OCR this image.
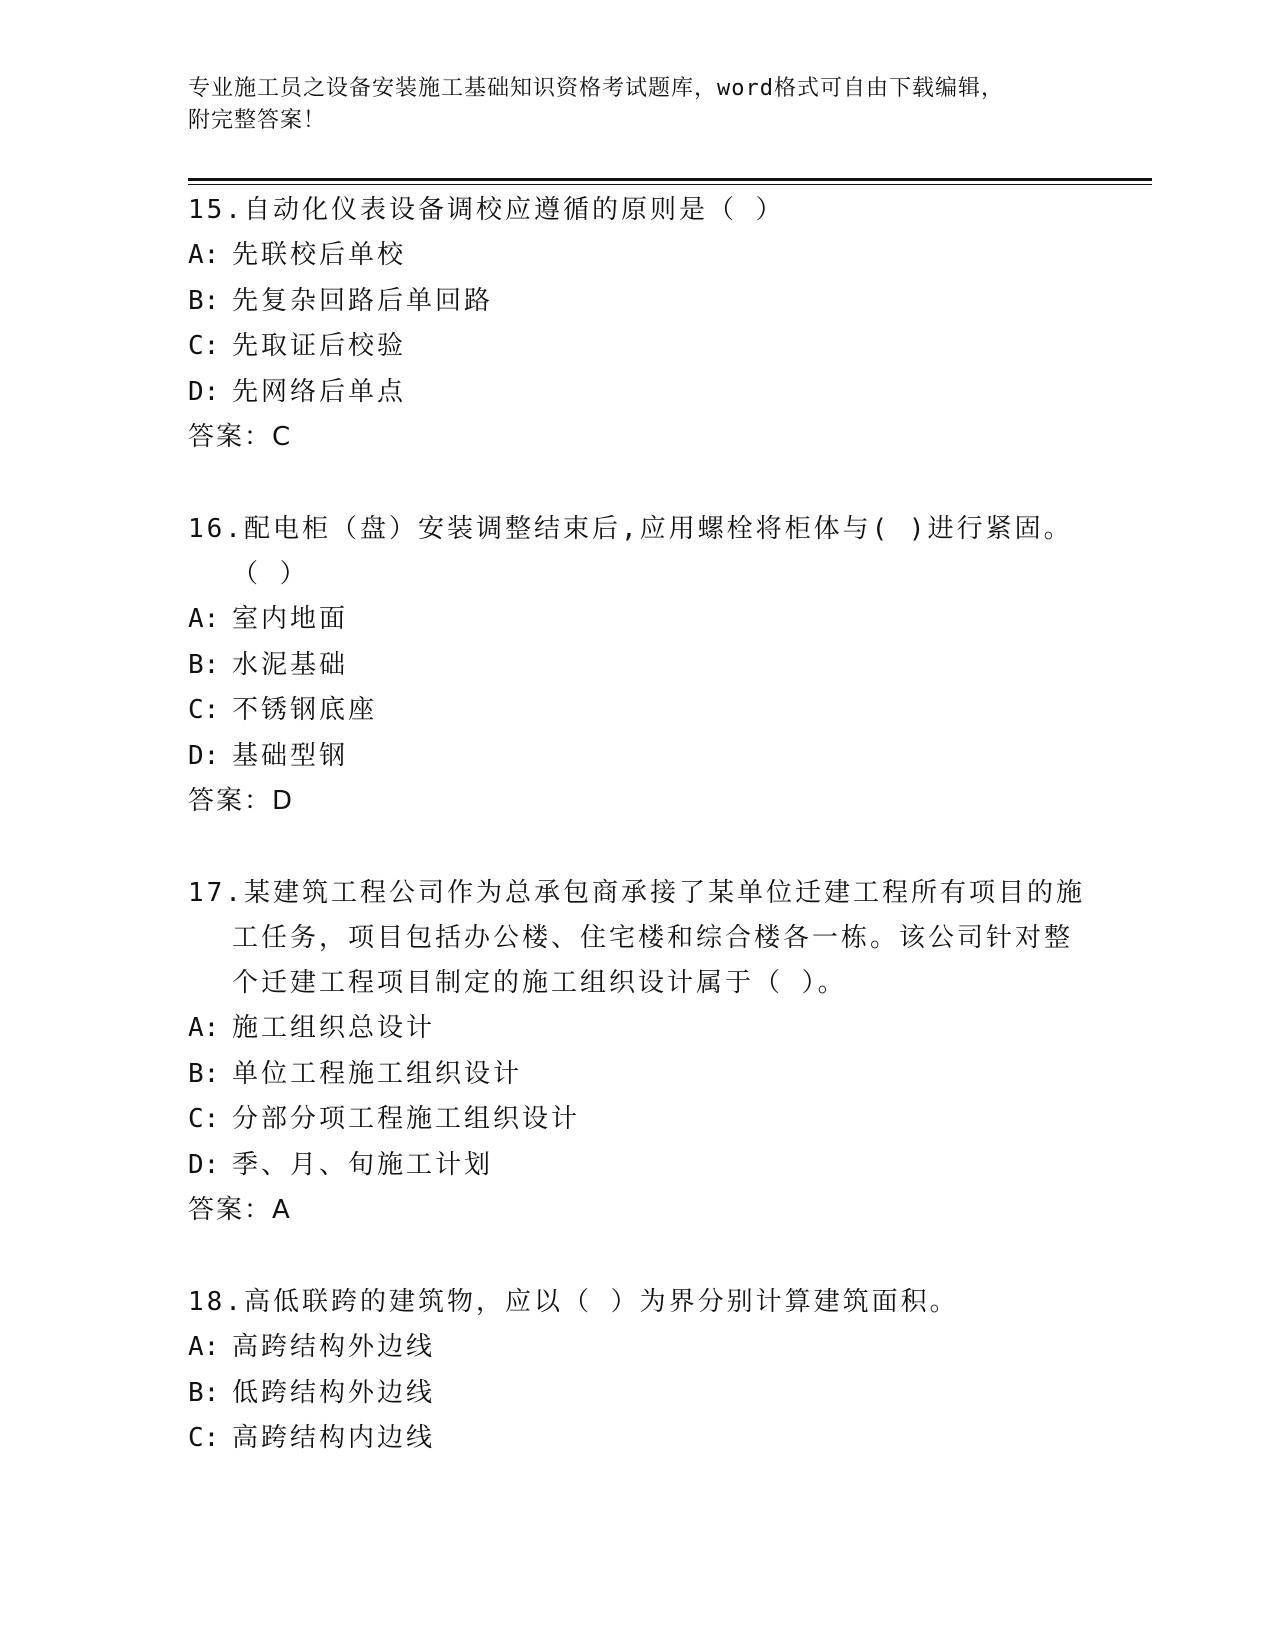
专业施工员之设备安装施工基础知识资格考试题库，word格式可自由下载编辑，
附完整答案！
15.自动化仪表设备调校应遵循的原则是（ ）
A: 先联校后单校
B: 先复杂回路后单回路
C: 先取证后校验
D: 先网络后单点
答案：C
16.配电柜（盘）安装调整结束后,应用螺栓将柜体与( )进行紧固。（ ）
A: 室内地面
B: 水泥基础
C: 不锈钢底座
D: 基础型钢
答案：D
17.某建筑工程公司作为总承包商承接了某单位迁建工程所有项目的施工任务，项目包括办公楼、住宅楼和综合楼各一栋。该公司针对整个迁建工程项目制定的施工组织设计属于（ ）。
A: 施工组织总设计
B: 单位工程施工组织设计
C: 分部分项工程施工组织设计
D: 季、月、旬施工计划
答案：A
18.高低联跨的建筑物，应以（ ）为界分别计算建筑面积。
A: 高跨结构外边线
B: 低跨结构外边线
C: 高跨结构内边线
